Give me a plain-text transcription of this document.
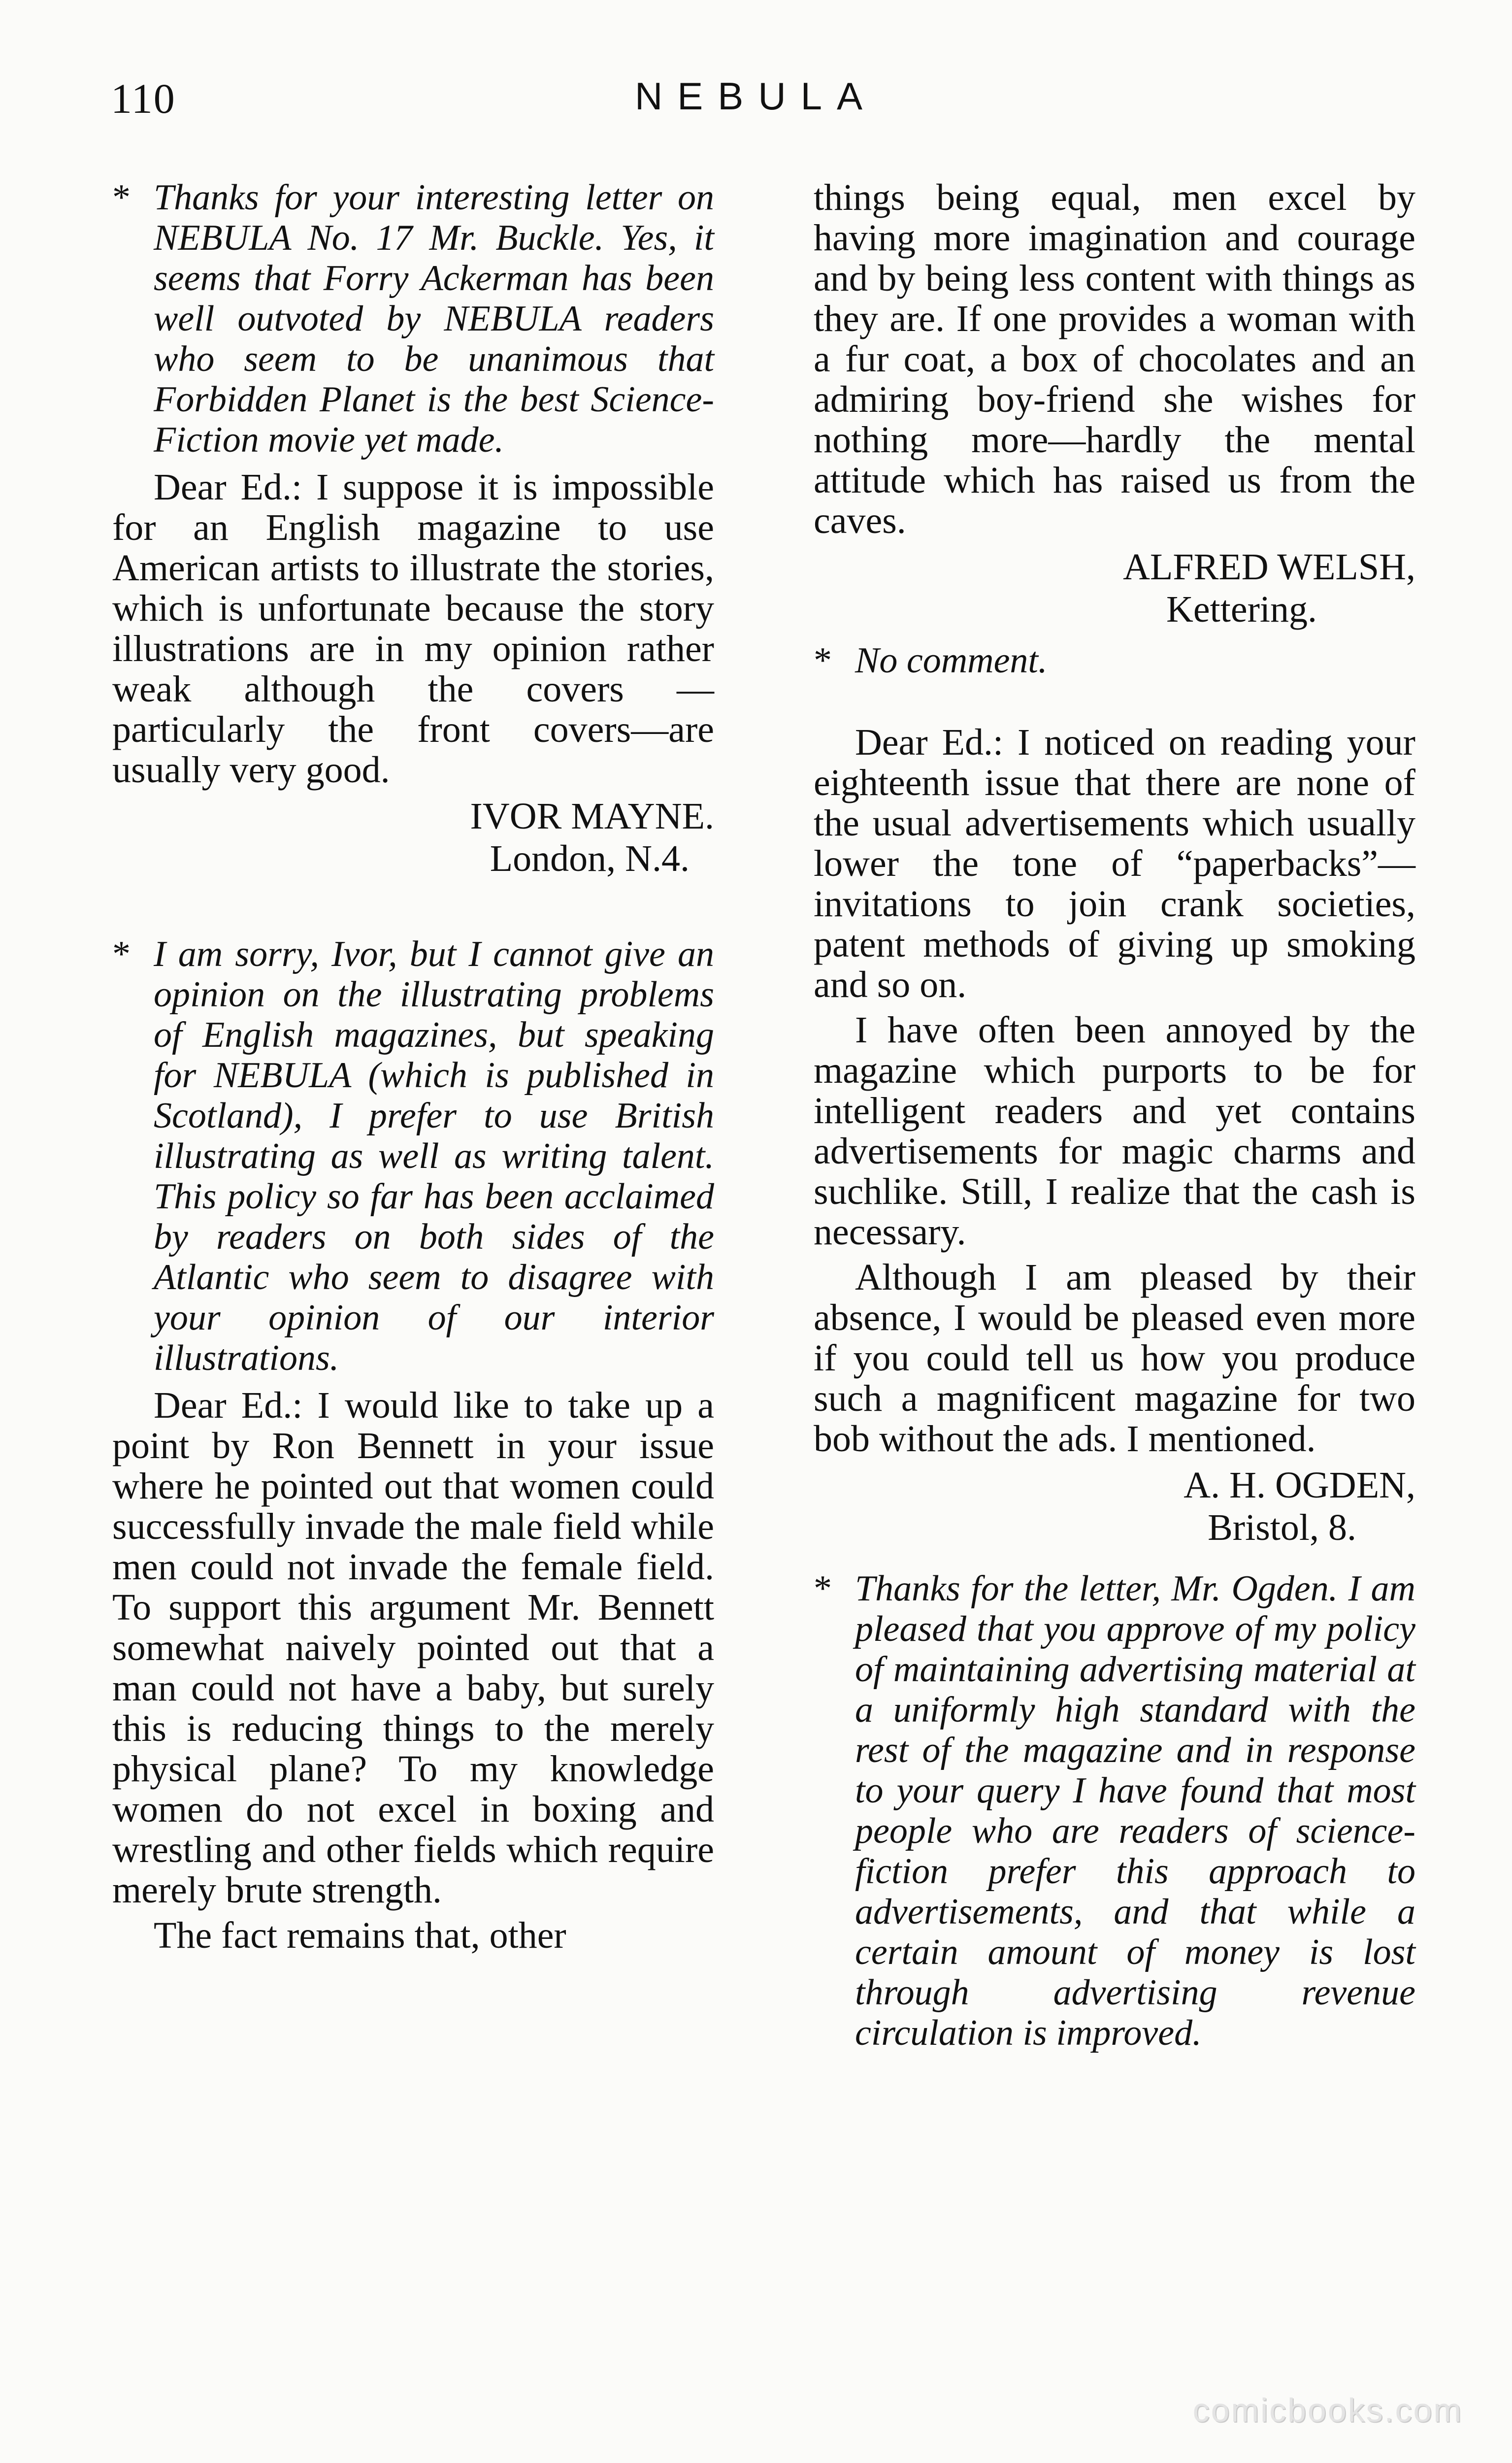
110	NEBULA

* Thanks for your interesting letter on NEBULA No. 17 Mr. Buckle. Yes, it seems that Forry Ackerman has been well outvoted by NEBULA readers who seem to be unanimous that Forbidden Planet is the best Science-Fiction movie yet made.

Dear Ed.: I suppose it is impossible for an English magazine to use American artists to illustrate the stories, which is unfortunate because the story illustrations are in my opinion rather weak although the covers — particularly the front covers—are usually very good.

IVOR MAYNE.
London, N.4.

* I am sorry, Ivor, but I cannot give an opinion on the illustrating problems of English magazines, but speaking for NEBULA (which is published in Scotland), I prefer to use British illustrating as well as writing talent. This policy so far has been acclaimed by readers on both sides of the Atlantic who seem to disagree with your opinion of our interior illustrations.

Dear Ed.: I would like to take up a point by Ron Bennett in your issue where he pointed out that women could successfully invade the male field while men could not invade the female field. To support this argument Mr. Bennett somewhat naively pointed out that a man could not have a baby, but surely this is reducing things to the merely physical plane? To my knowledge women do not excel in boxing and wrestling and other fields which require merely brute strength.

The fact remains that, other

things being equal, men excel by having more imagination and courage and by being less content with things as they are. If one provides a woman with a fur coat, a box of chocolates and an admiring boy-friend she wishes for nothing more—hardly the mental attitude which has raised us from the caves.

ALFRED WELSH,
Kettering.

* No comment.

Dear Ed.: I noticed on reading your eighteenth issue that there are none of the usual advertisements which usually lower the tone of “paperbacks”—invitations to join crank societies, patent methods of giving up smoking and so on.

I have often been annoyed by the magazine which purports to be for intelligent readers and yet contains advertisements for magic charms and suchlike. Still, I realize that the cash is necessary.

Although I am pleased by their absence, I would be pleased even more if you could tell us how you produce such a magnificent magazine for two bob without the ads. I mentioned.

A. H. OGDEN,
Bristol, 8.

* Thanks for the letter, Mr. Ogden. I am pleased that you approve of my policy of maintaining advertising material at a uniformly high standard with the rest of the magazine and in response to your query I have found that most people who are readers of science-fiction prefer this approach to advertisements, and that while a certain amount of money is lost through advertising revenue circulation is improved.

comicbooks.com
